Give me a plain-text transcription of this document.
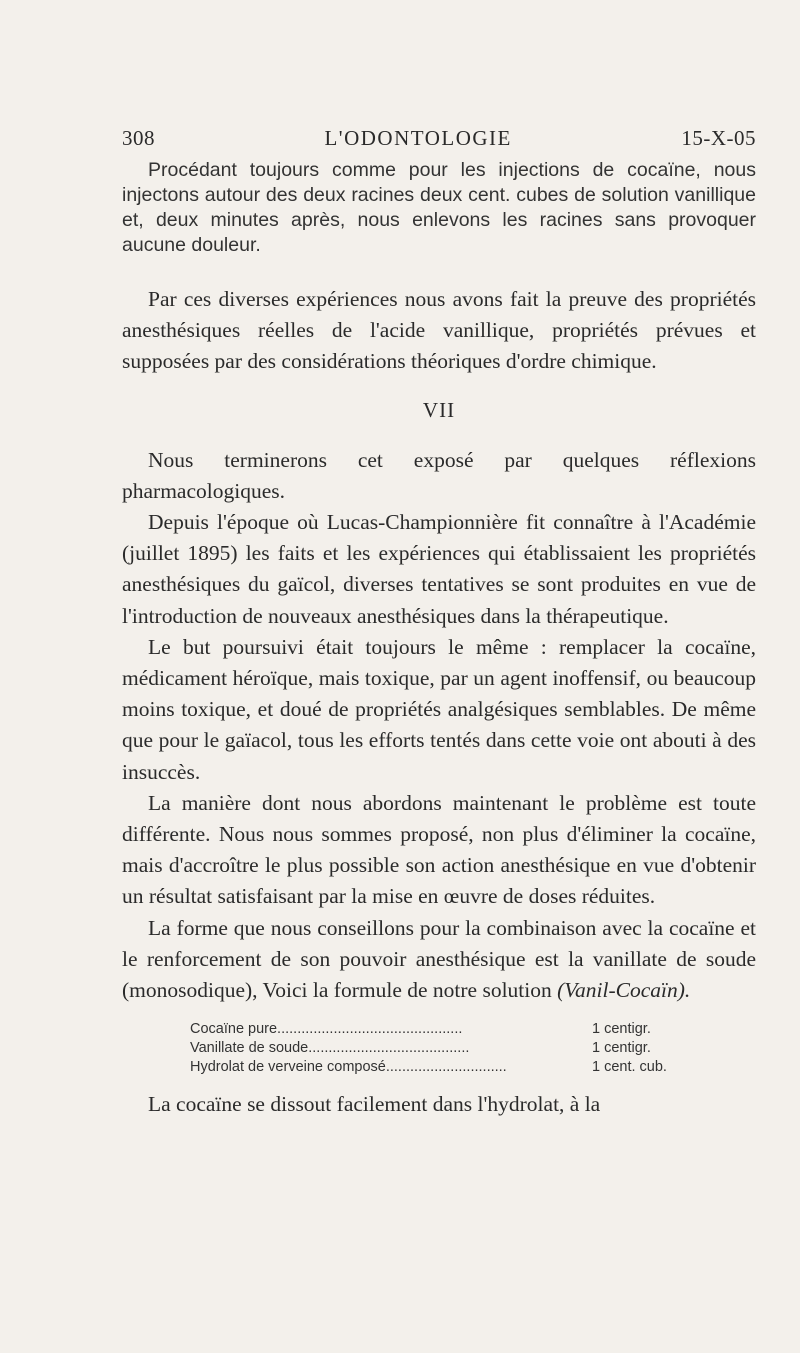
308	L'ODONTOLOGIE	15-X-05

Procédant toujours comme pour les injections de cocaïne, nous injectons autour des deux racines deux cent. cubes de solution vanillique et, deux minutes après, nous enlevons les racines sans provoquer aucune douleur.

Par ces diverses expériences nous avons fait la preuve des propriétés anesthésiques réelles de l'acide vanillique, propriétés prévues et supposées par des considérations théoriques d'ordre chimique.

VII

Nous terminerons cet exposé par quelques réflexions pharmacologiques.

Depuis l'époque où Lucas-Championnière fit connaître à l'Académie (juillet 1895) les faits et les expériences qui établissaient les propriétés anesthésiques du gaïcol, diverses tentatives se sont produites en vue de l'introduction de nouveaux anesthésiques dans la thérapeutique.

Le but poursuivi était toujours le même : remplacer la cocaïne, médicament héroïque, mais toxique, par un agent inoffensif, ou beaucoup moins toxique, et doué de propriétés analgésiques semblables. De même que pour le gaïacol, tous les efforts tentés dans cette voie ont abouti à des insuccès.

La manière dont nous abordons maintenant le problème est toute différente. Nous nous sommes proposé, non plus d'éliminer la cocaïne, mais d'accroître le plus possible son action anesthésique en vue d'obtenir un résultat satisfaisant par la mise en œuvre de doses réduites.

La forme que nous conseillons pour la combinaison avec la cocaïne et le renforcement de son pouvoir anesthésique est la vanillate de soude (monosodique), Voici la formule de notre solution (Vanil-Cocaïn).

Cocaïne pure..............................................	1 centigr.
Vanillate de soude........................................	1 centigr.
Hydrolat de verveine composé..............................	1 cent. cub.

La cocaïne se dissout facilement dans l'hydrolat, à la
